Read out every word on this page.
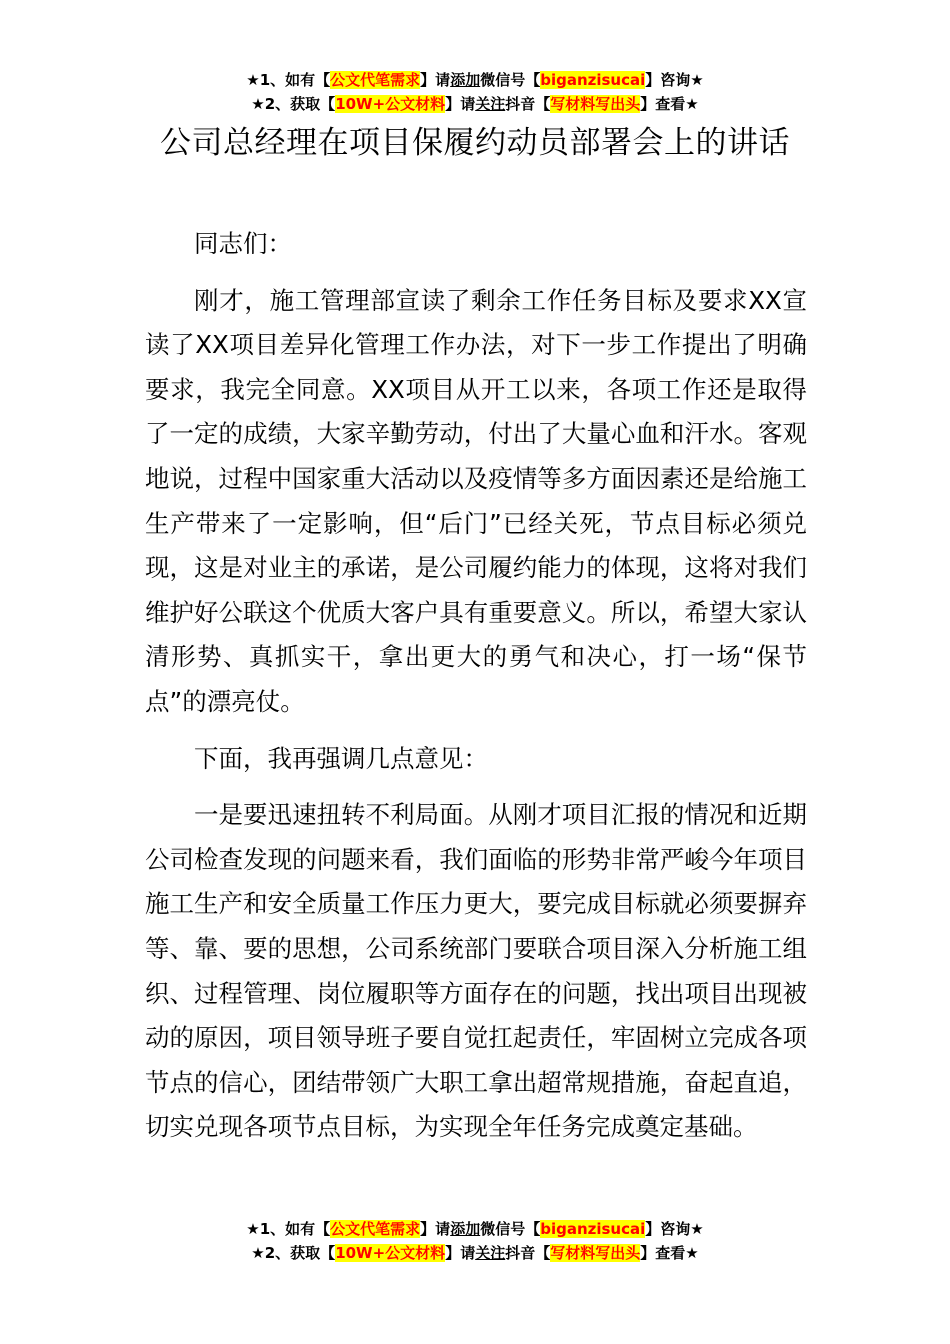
★1、如有【公文代笔需求】请添加微信号【biganzisucai】咨询★
★2、获取【10W+公文材料】请关注抖音【写材料写出头】查看★
公司总经理在项目保履约动员部署会上的讲话

同志们：

刚才，施工管理部宣读了剩余工作任务目标及要求XX宣读了XX项目差异化管理工作办法，对下一步工作提出了明确要求，我完全同意。XX项目从开工以来，各项工作还是取得了一定的成绩，大家辛勤劳动，付出了大量心血和汗水。客观地说，过程中国家重大活动以及疫情等多方面因素还是给施工生产带来了一定影响，但“后门”已经关死，节点目标必须兑现，这是对业主的承诺，是公司履约能力的体现，这将对我们维护好公联这个优质大客户具有重要意义。所以，希望大家认清形势、真抓实干，拿出更大的勇气和决心，打一场“保节点”的漂亮仗。

下面，我再强调几点意见：

一是要迅速扭转不利局面。从刚才项目汇报的情况和近期公司检查发现的问题来看，我们面临的形势非常严峻今年项目施工生产和安全质量工作压力更大，要完成目标就必须要摒弃等、靠、要的思想，公司系统部门要联合项目深入分析施工组织、过程管理、岗位履职等方面存在的问题，找出项目出现被动的原因，项目领导班子要自觉扛起责任，牢固树立完成各项节点的信心，团结带领广大职工拿出超常规措施，奋起直追，切实兑现各项节点目标，为实现全年任务完成奠定基础。

★1、如有【公文代笔需求】请添加微信号【biganzisucai】咨询★
★2、获取【10W+公文材料】请关注抖音【写材料写出头】查看★
